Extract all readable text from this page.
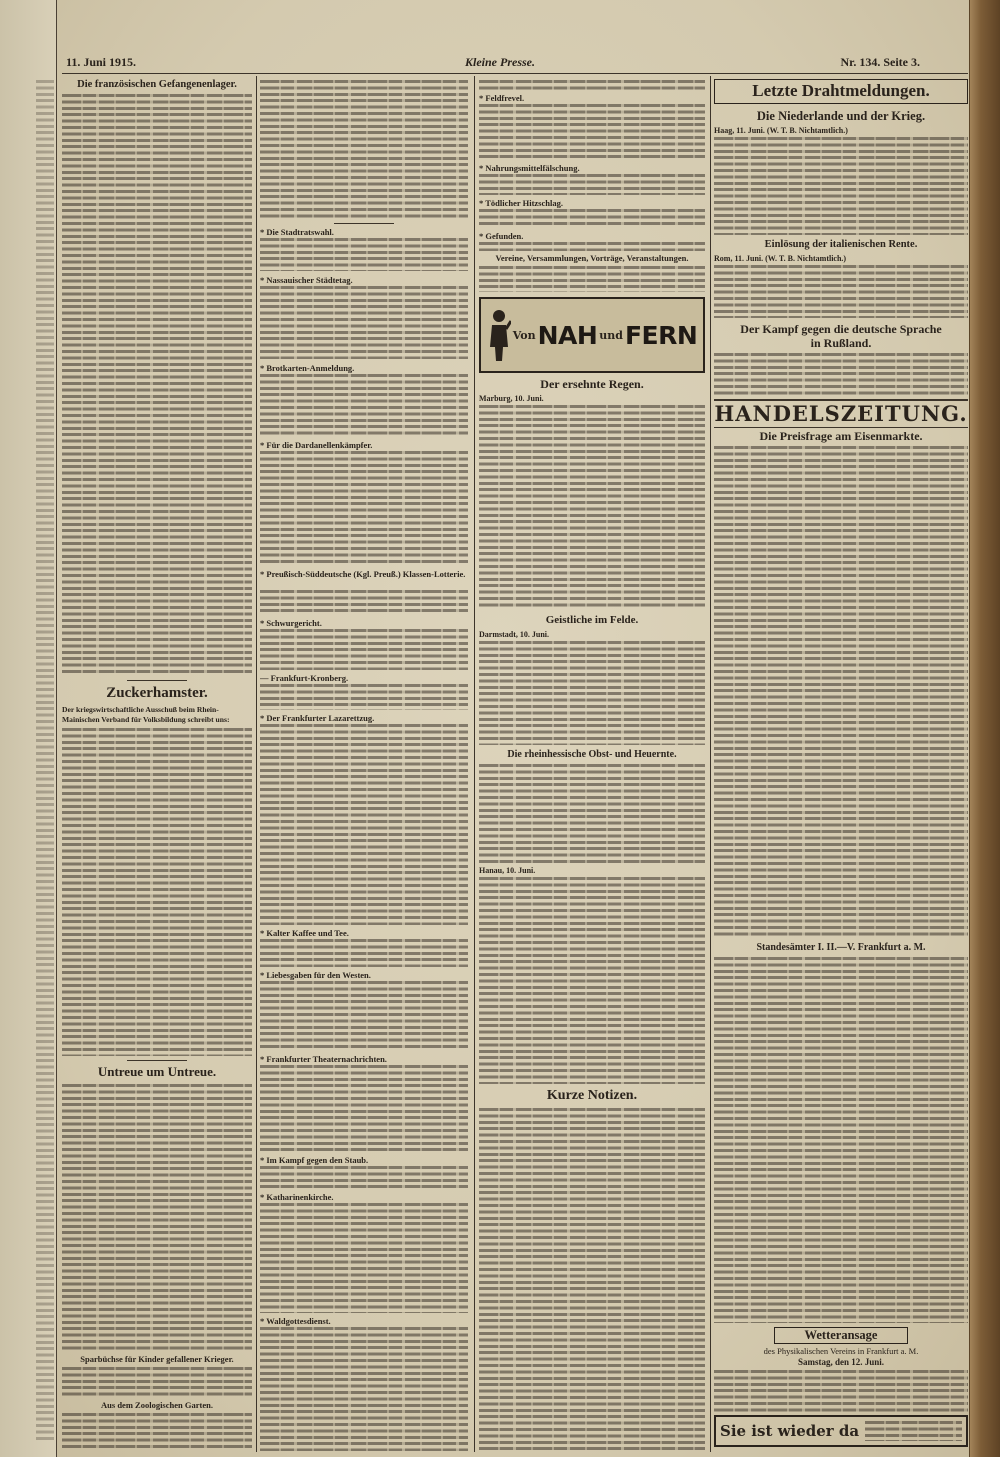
11. Juni 1915.	Kleine Presse.	Nr. 134. Seite 3.
Die französischen Gefangenenlager.
Zuckerhamster.
Der kriegswirtschaftliche Ausschuß beim Rhein-Mainischen Verband für Volksbildung schreibt uns:
Untreue um Untreue.
Sparbüchse für Kinder gefallener Krieger.
Aus dem Zoologischen Garten.
* Die Stadtratswahl.
* Nassauischer Städtetag.
* Brotkarten-Anmeldung.
* Für die Dardanellenkämpfer.
* Preußisch-Süddeutsche (Kgl. Preuß.) Klassen-Lotterie.
* Schwurgericht.
— Frankfurt-Kronberg.
* Der Frankfurter Lazarettzug.
* Kalter Kaffee und Tee.
* Liebesgaben für den Westen.
* Frankfurter Theaternachrichten.
* Im Kampf gegen den Staub.
* Katharinenkirche.
* Waldgottesdienst.
* Feldfrevel.
* Nahrungsmittelfälschung.
* Tödlicher Hitzschlag.
* Gefunden.
Vereine, Versammlungen, Vorträge, Veranstaltungen.
Von NAH und FERN
Der ersehnte Regen.
Marburg, 10. Juni.
Geistliche im Felde.
Darmstadt, 10. Juni.
Die rheinhessische Obst- und Heuernte.
Hanau, 10. Juni.
Kurze Notizen.
Letzte Drahtmeldungen.
Die Niederlande und der Krieg.
Haag, 11. Juni. (W. T. B. Nichtamtlich.)
Einlösung der italienischen Rente.
Rom, 11. Juni. (W. T. B. Nichtamtlich.)
Der Kampf gegen die deutsche Sprache
in Rußland.
HANDELSZEITUNG.
Die Preisfrage am Eisenmarkte.
Standesämter I. II.—V. Frankfurt a. M.
Wetteransage
des Physikalischen Vereins in Frankfurt a. M.
Samstag, den 12. Juni.
Sie ist wieder da
